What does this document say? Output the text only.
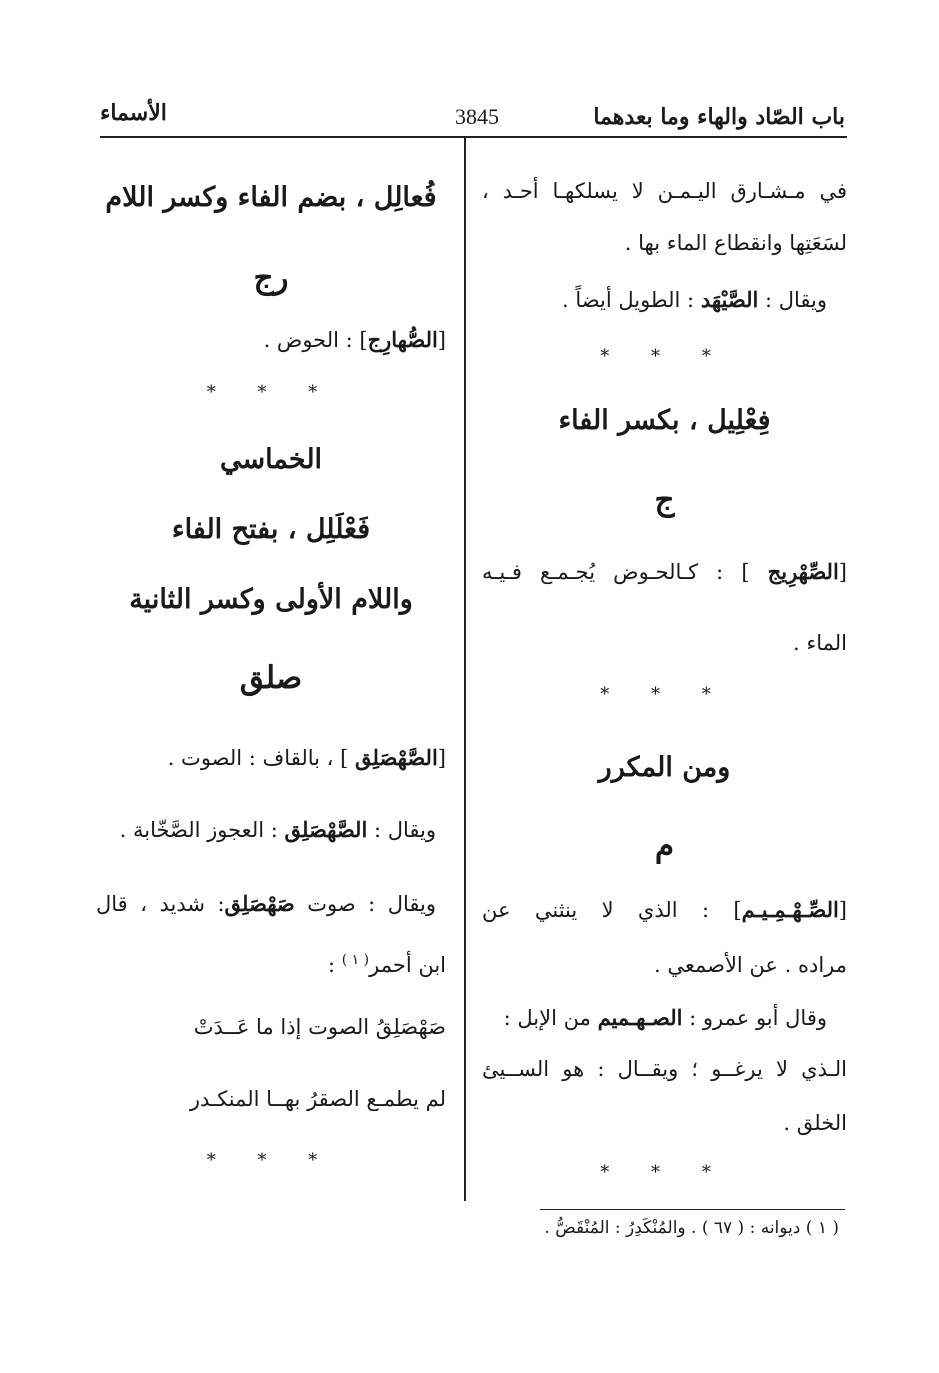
باب الصّاد والهاء وما بعدهما
3845
الأسماء
في مـشـارق اليـمـن لا يسلكهـا أحـد ،
لسَعَتِها وانقطاع الماء بها .
ويقال : الصَّيْهَد : الطويل أيضاً .
* * *
فِعْلِيل ، بكسر الفاء
ج
[الصِّهْرِيج ] : كـالحـوض يُجـمـع فـيـه
الماء .
* * *
ومن المكرر
م
[الصِّـهْـمِـيـم] : الذي لا ينثني عن
مراده . عن الأصمعي .
وقال أبو عمرو : الصـهـميم من الإبل :
الـذي لا يرغــو ؛ ويقــال : هو الســيئ
الخلق .
* * *
فُعالِل ، بضم الفاء وكسر اللام
رج
[الصُّهارِج] : الحوض .
* * *
الخماسي
فَعْلَلِل ، بفتح الفاء
واللام الأولى وكسر الثانية
صلق
[الصَّهْصَلِق ] ، بالقاف : الصوت .
ويقال : الصَّهْصَلِق : العجوز الصَّخّابة .
ويقال : صوت صَهْصَلِق: شديد ، قال
ابن أحمر$^{( ١ )}$ :
صَهْصَلِقُ الصوت إذا ما عَــدَتْ
لم يطمـع الصقرُ بهــا المنكـدر
* * *
( ١ ) ديوانه : ( ٦٧ ) . والمُنْكَدِرُ : المُنْقَضُّ .
